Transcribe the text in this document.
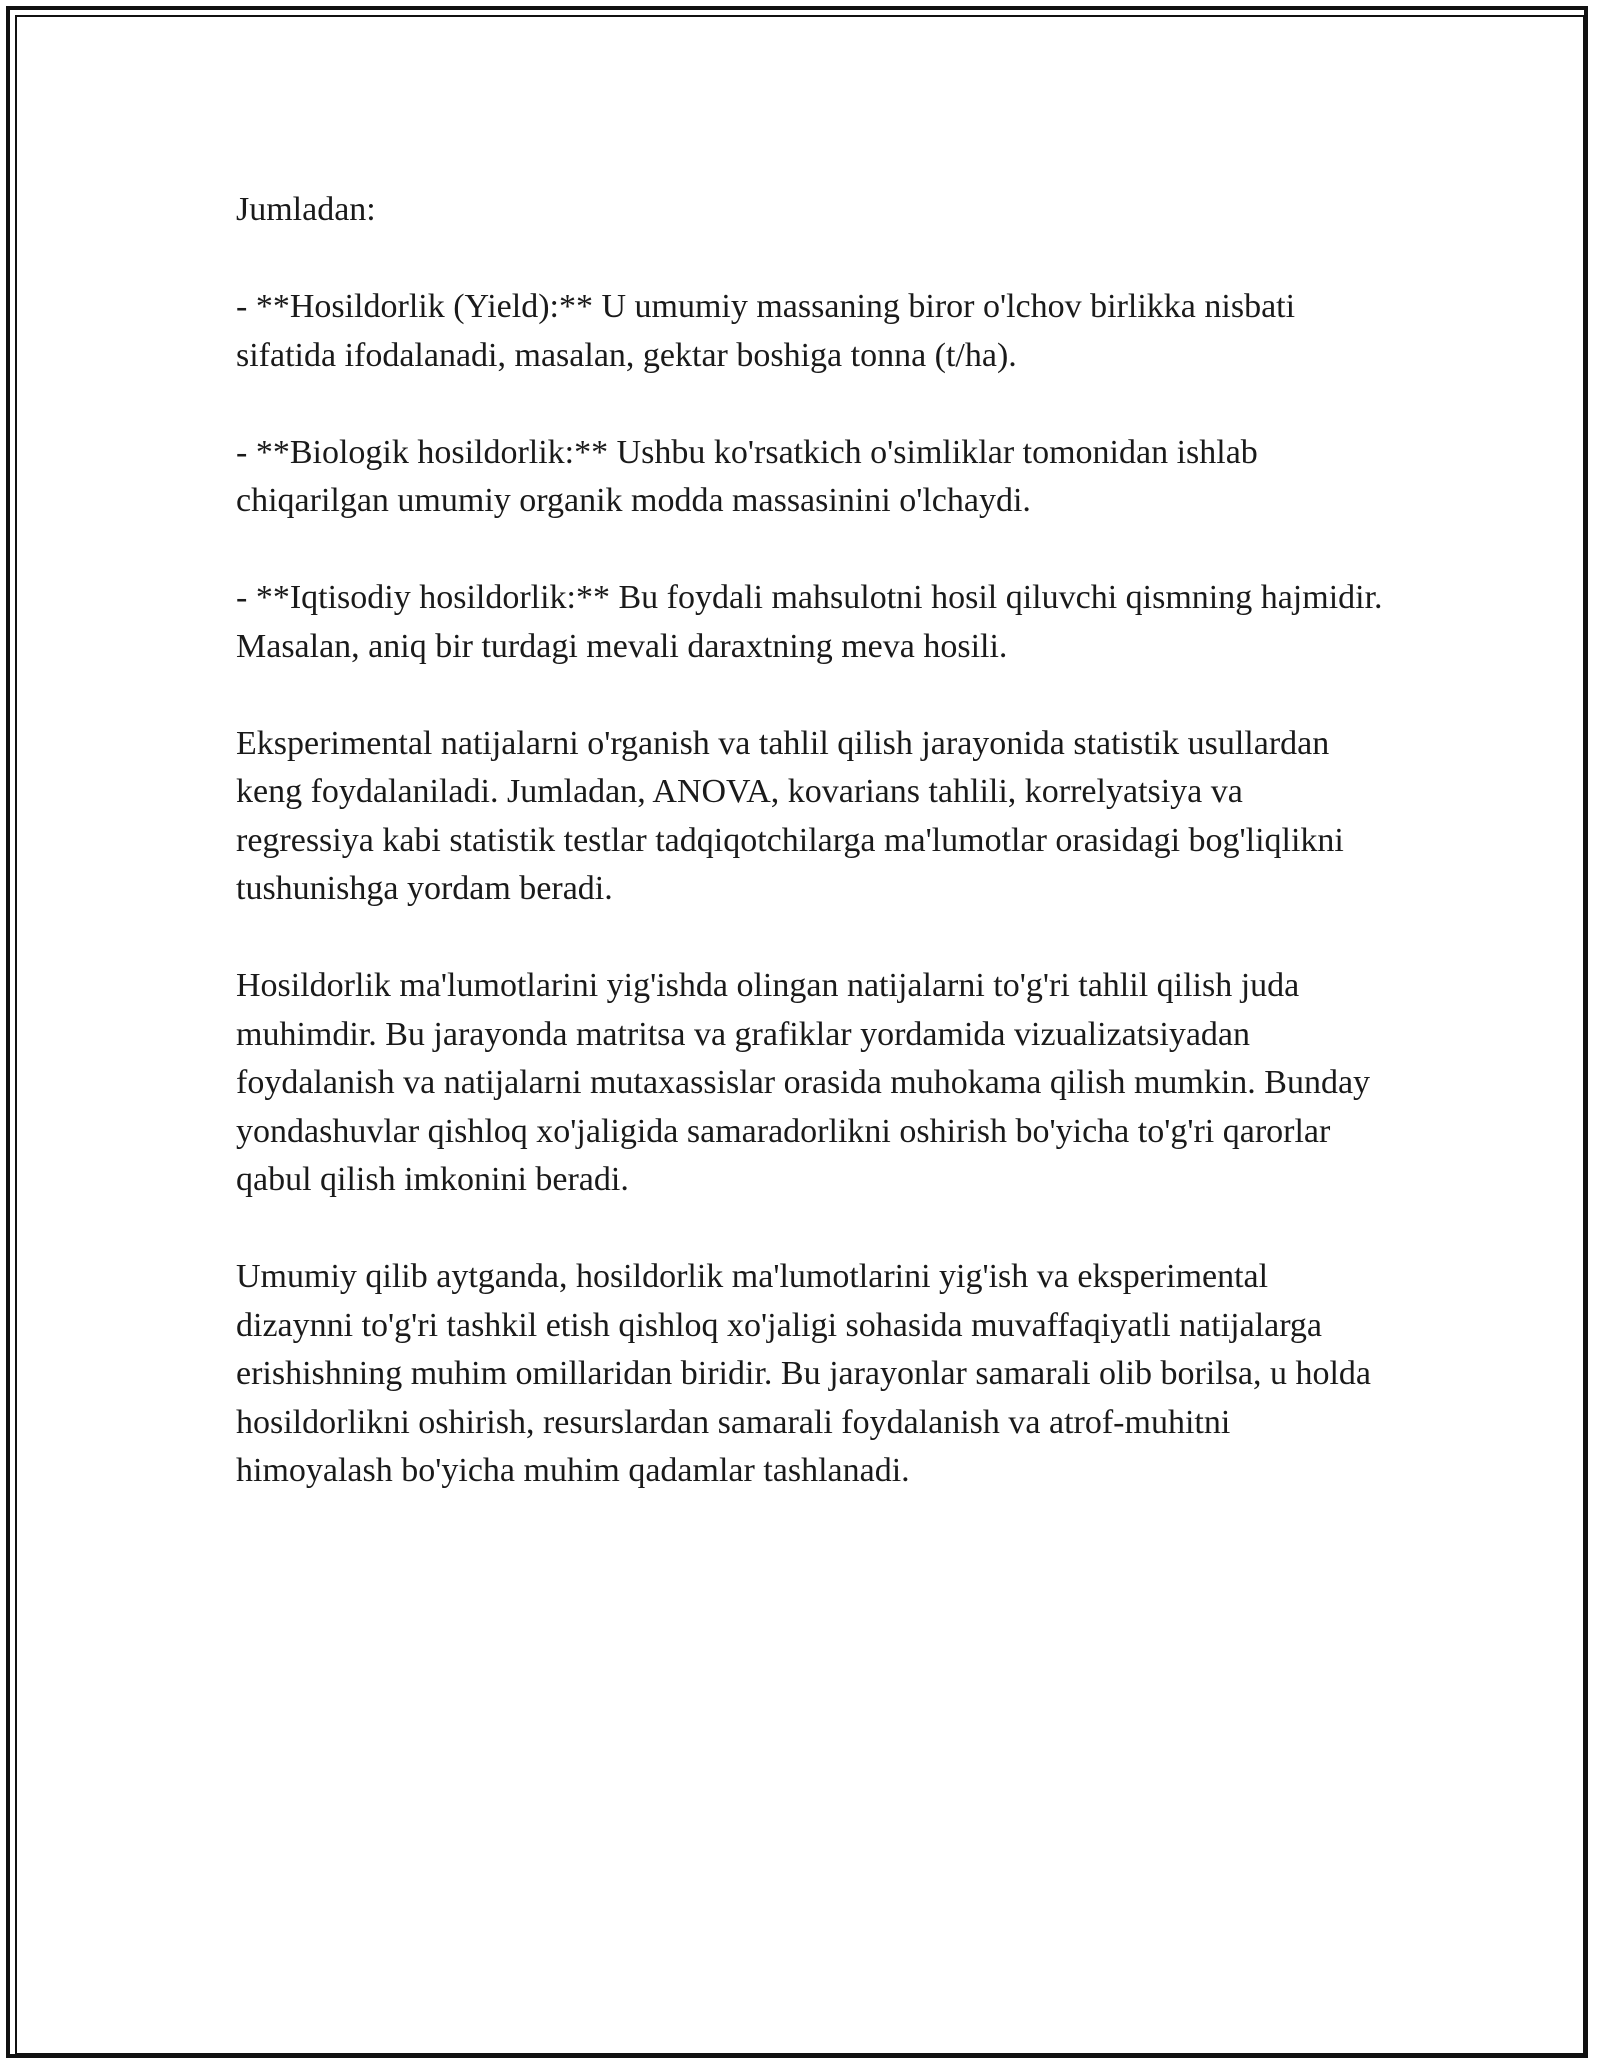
Jumladan:

- **Hosildorlik (Yield):** U umumiy massaning biror o'lchov birlikka nisbati sifatida ifodalanadi, masalan, gektar boshiga tonna (t/ha).

- **Biologik hosildorlik:** Ushbu ko'rsatkich o'simliklar tomonidan ishlab chiqarilgan umumiy organik modda massasinini o'lchaydi.

- **Iqtisodiy hosildorlik:** Bu foydali mahsulotni hosil qiluvchi qismning hajmidir. Masalan, aniq bir turdagi mevali daraxtning meva hosili.

Eksperimental natijalarni o'rganish va tahlil qilish jarayonida statistik usullardan keng foydalaniladi. Jumladan, ANOVA, kovarians tahlili, korrelyatsiya va regressiya kabi statistik testlar tadqiqotchilarga ma'lumotlar orasidagi bog'liqlikni tushunishga yordam beradi.

Hosildorlik ma'lumotlarini yig'ishda olingan natijalarni to'g'ri tahlil qilish juda muhimdir. Bu jarayonda matritsa va grafiklar yordamida vizualizatsiyadan foydalanish va natijalarni mutaxassislar orasida muhokama qilish mumkin. Bunday yondashuvlar qishloq xo'jaligida samaradorlikni oshirish bo'yicha to'g'ri qarorlar qabul qilish imkonini beradi.

Umumiy qilib aytganda, hosildorlik ma'lumotlarini yig'ish va eksperimental dizaynni to'g'ri tashkil etish qishloq xo'jaligi sohasida muvaffaqiyatli natijalarga erishishning muhim omillaridan biridir. Bu jarayonlar samarali olib borilsa, u holda hosildorlikni oshirish, resurslardan samarali foydalanish va atrof-muhitni himoyalash bo'yicha muhim qadamlar tashlanadi.
